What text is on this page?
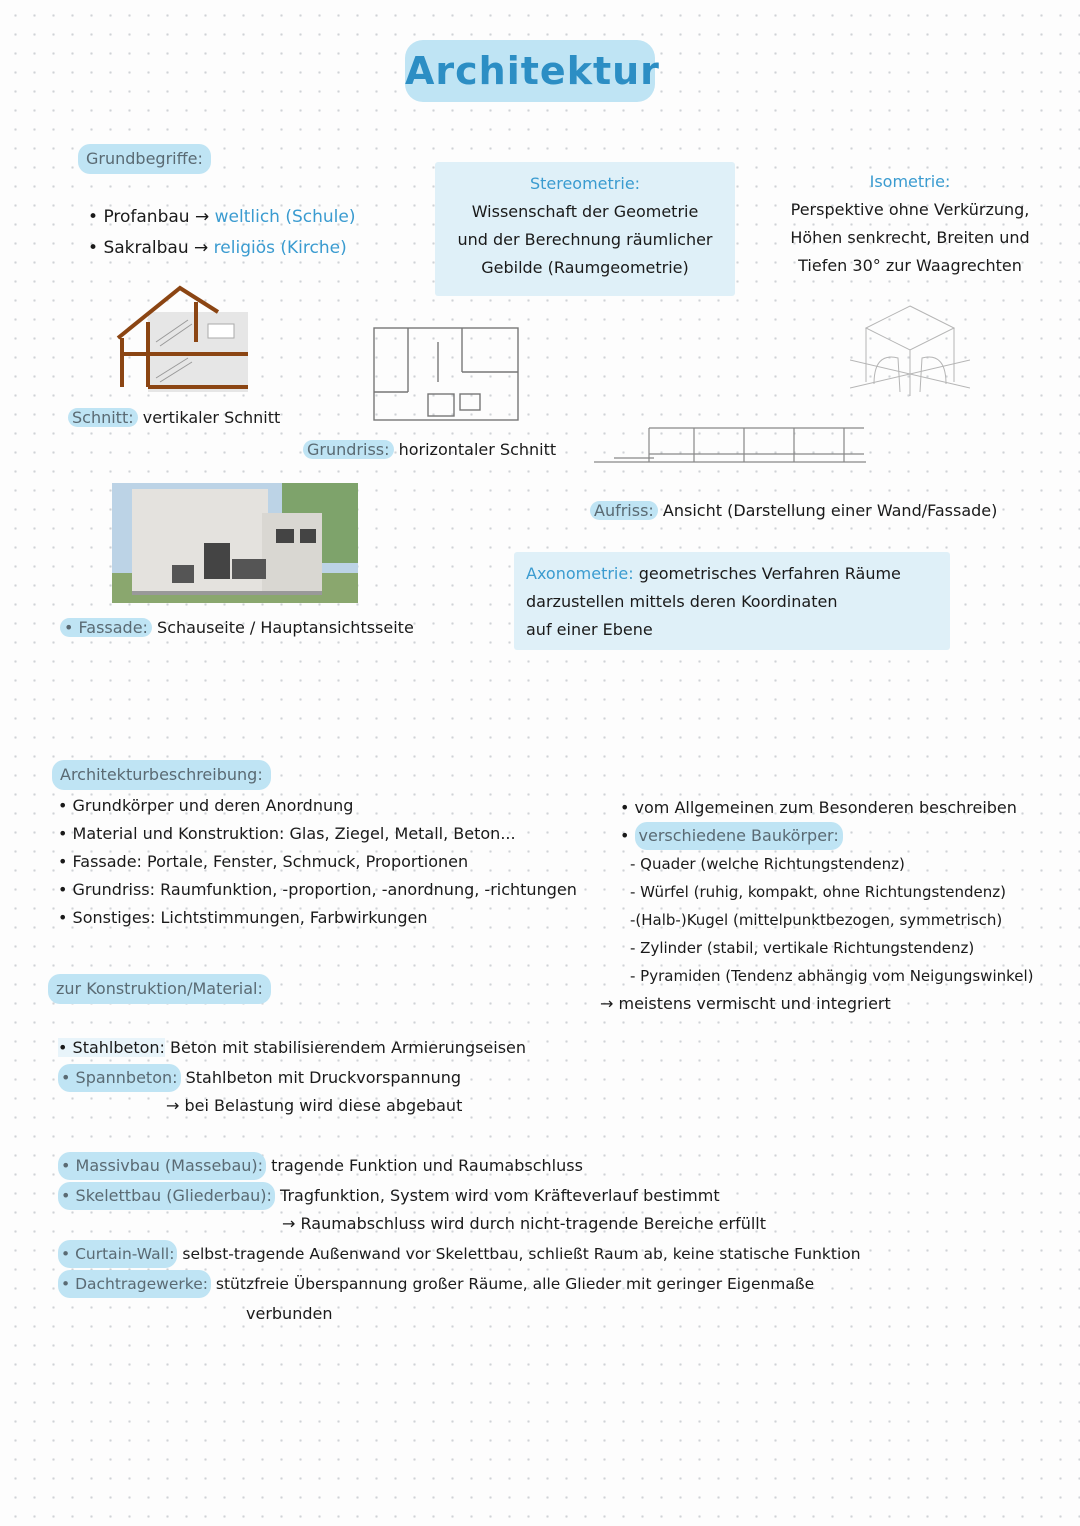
Architektur
Grundbegriffe:
• Profanbau → weltlich (Schule)
• Sakralbau → religiös (Kirche)
Stereometrie:
Wissenschaft der Geometrie
und der Berechnung räumlicher
Gebilde (Raumgeometrie)
Isometrie:
Perspektive ohne Verkürzung,
Höhen senkrecht, Breiten und
Tiefen 30° zur Waagrechten
Schnitt: vertikaler Schnitt
Grundriss: horizontaler Schnitt
• Fassade: Schauseite / Hauptansichtsseite
Aufriss: Ansicht (Darstellung einer Wand/Fassade)
Axonometrie: geometrisches Verfahren Räume
darzustellen mittels deren Koordinaten
auf einer Ebene
Architekturbeschreibung:
• Grundkörper und deren Anordnung
• Material und Konstruktion: Glas, Ziegel, Metall, Beton...
• Fassade: Portale, Fenster, Schmuck, Proportionen
• Grundriss: Raumfunktion, -proportion, -anordnung, -richtungen
• Sonstiges: Lichtstimmungen, Farbwirkungen
• vom Allgemeinen zum Besonderen beschreiben
• verschiedene Baukörper:
- Quader (welche Richtungstendenz)
- Würfel (ruhig, kompakt, ohne Richtungstendenz)
-(Halb-)Kugel (mittelpunktbezogen, symmetrisch)
- Zylinder (stabil, vertikale Richtungstendenz)
- Pyramiden (Tendenz abhängig vom Neigungswinkel)
→ meistens vermischt und integriert
zur Konstruktion/Material:
• Stahlbeton: Beton mit stabilisierendem Armierungseisen
• Spannbeton: Stahlbeton mit Druckvorspannung
→ bei Belastung wird diese abgebaut
• Massivbau (Massebau): tragende Funktion und Raumabschluss
• Skelettbau (Gliederbau): Tragfunktion, System wird vom Kräfteverlauf bestimmt
→ Raumabschluss wird durch nicht-tragende Bereiche erfüllt
• Curtain-Wall: selbst-tragende Außenwand vor Skelettbau, schließt Raum ab, keine statische Funktion
• Dachtragewerke: stützfreie Überspannung großer Räume, alle Glieder mit geringer Eigenmaße
verbunden
